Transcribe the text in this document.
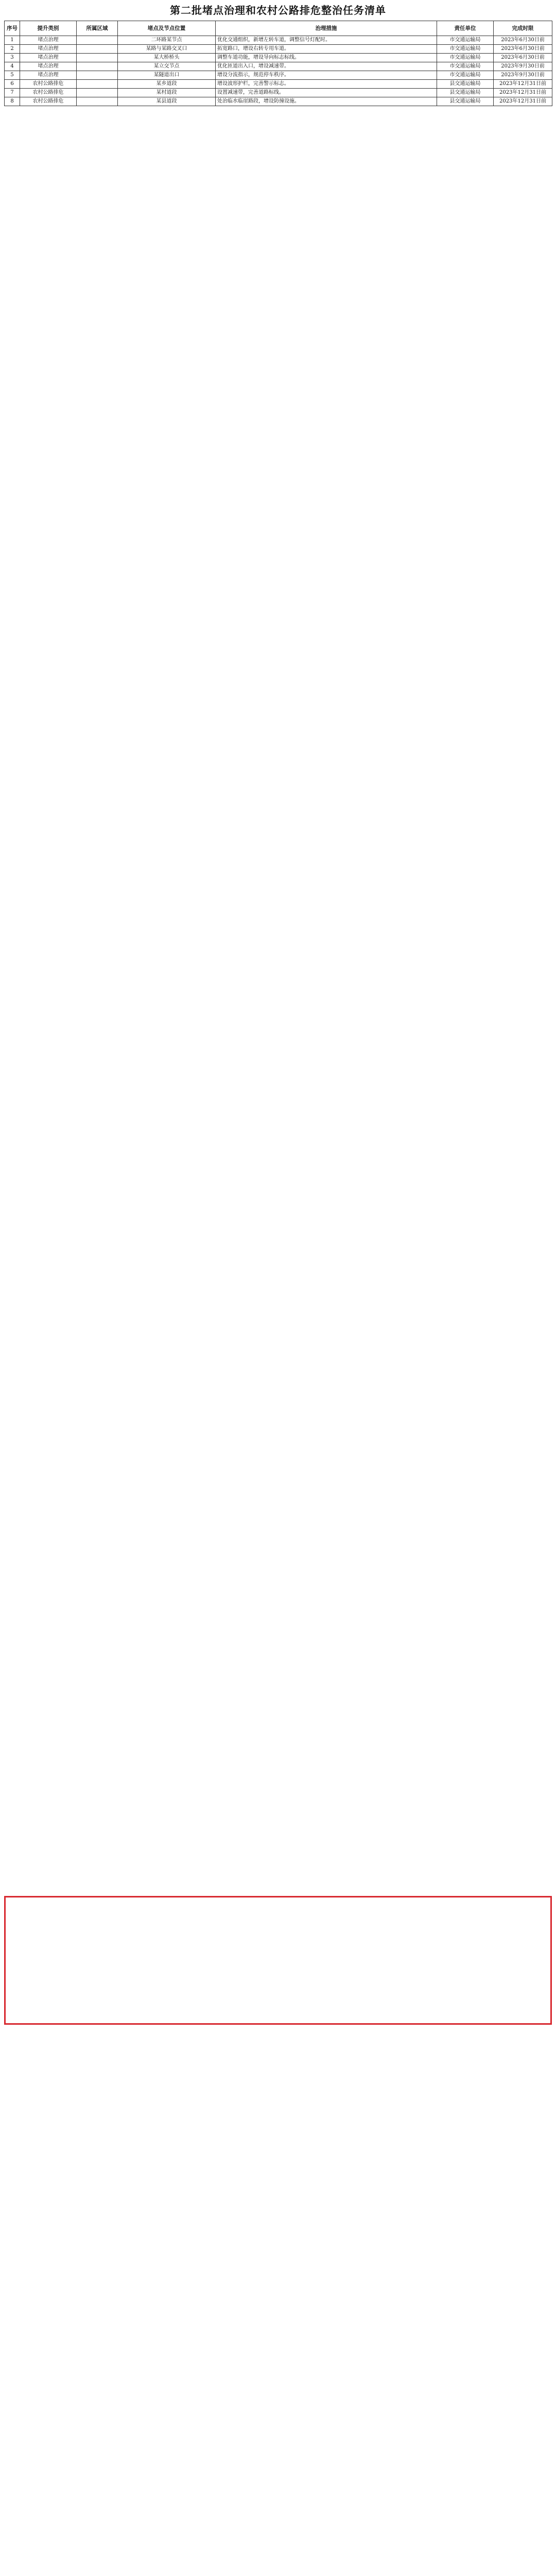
第二批堵点治理和农村公路排危整治任务清单
序号	提升类别	所属区域	堵点及节点位置	治理措施	责任单位	完成时限
1	堵点治理		二环路某节点	优化交通组织，新增左转车道，调整信号灯配时。	市交通运输局	2023年6月30日前
2	堵点治理		某路与某路交叉口	拓宽路口，增设右转专用车道。	市交通运输局	2023年6月30日前
3	堵点治理		某大桥桥头	调整车道功能，增设导向标志标线。	市交通运输局	2023年6月30日前
4	堵点治理		某立交节点	优化匝道出入口，增设减速带。	市交通运输局	2023年9月30日前
5	堵点治理		某隧道出口	增设分流指示，规范停车秩序。	市交通运输局	2023年9月30日前
6	农村公路排危		某乡道段	增设波形护栏，完善警示标志。	县交通运输局	2023年12月31日前
7	农村公路排危		某村道段	设置减速带，完善道路标线。	县交通运输局	2023年12月31日前
8	农村公路排危		某县道段	处治临水临崖路段，增设防撞设施。	县交通运输局	2023年12月31日前
